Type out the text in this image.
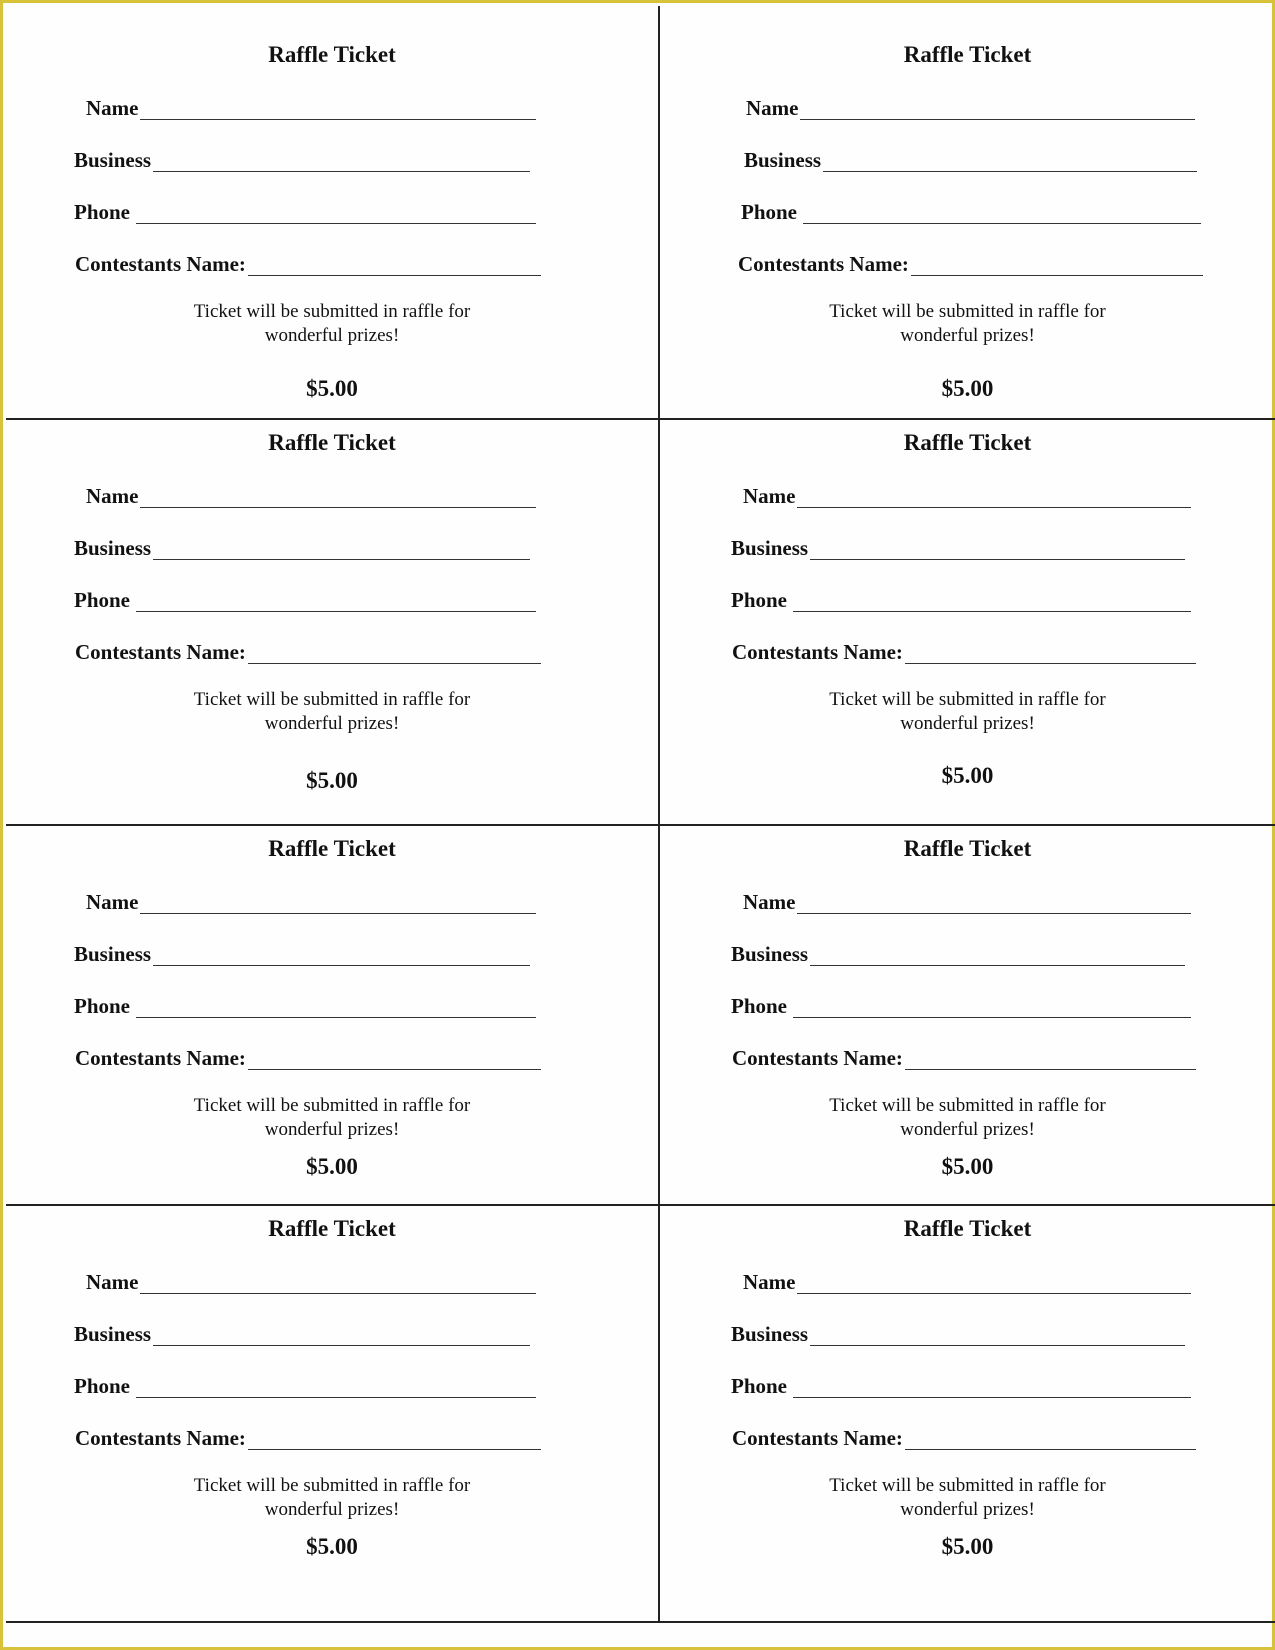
Raffle Ticket
Name
Business
Phone
Contestants Name:
Ticket will be submitted in raffle for
wonderful prizes!
$5.00
Raffle Ticket
Name
Business
Phone
Contestants Name:
Ticket will be submitted in raffle for
wonderful prizes!
$5.00
Raffle Ticket
Name
Business
Phone
Contestants Name:
Ticket will be submitted in raffle for
wonderful prizes!
$5.00
Raffle Ticket
Name
Business
Phone
Contestants Name:
Ticket will be submitted in raffle for
wonderful prizes!
$5.00
Raffle Ticket
Name
Business
Phone
Contestants Name:
Ticket will be submitted in raffle for
wonderful prizes!
$5.00
Raffle Ticket
Name
Business
Phone
Contestants Name:
Ticket will be submitted in raffle for
wonderful prizes!
$5.00
Raffle Ticket
Name
Business
Phone
Contestants Name:
Ticket will be submitted in raffle for
wonderful prizes!
$5.00
Raffle Ticket
Name
Business
Phone
Contestants Name:
Ticket will be submitted in raffle for
wonderful prizes!
$5.00
